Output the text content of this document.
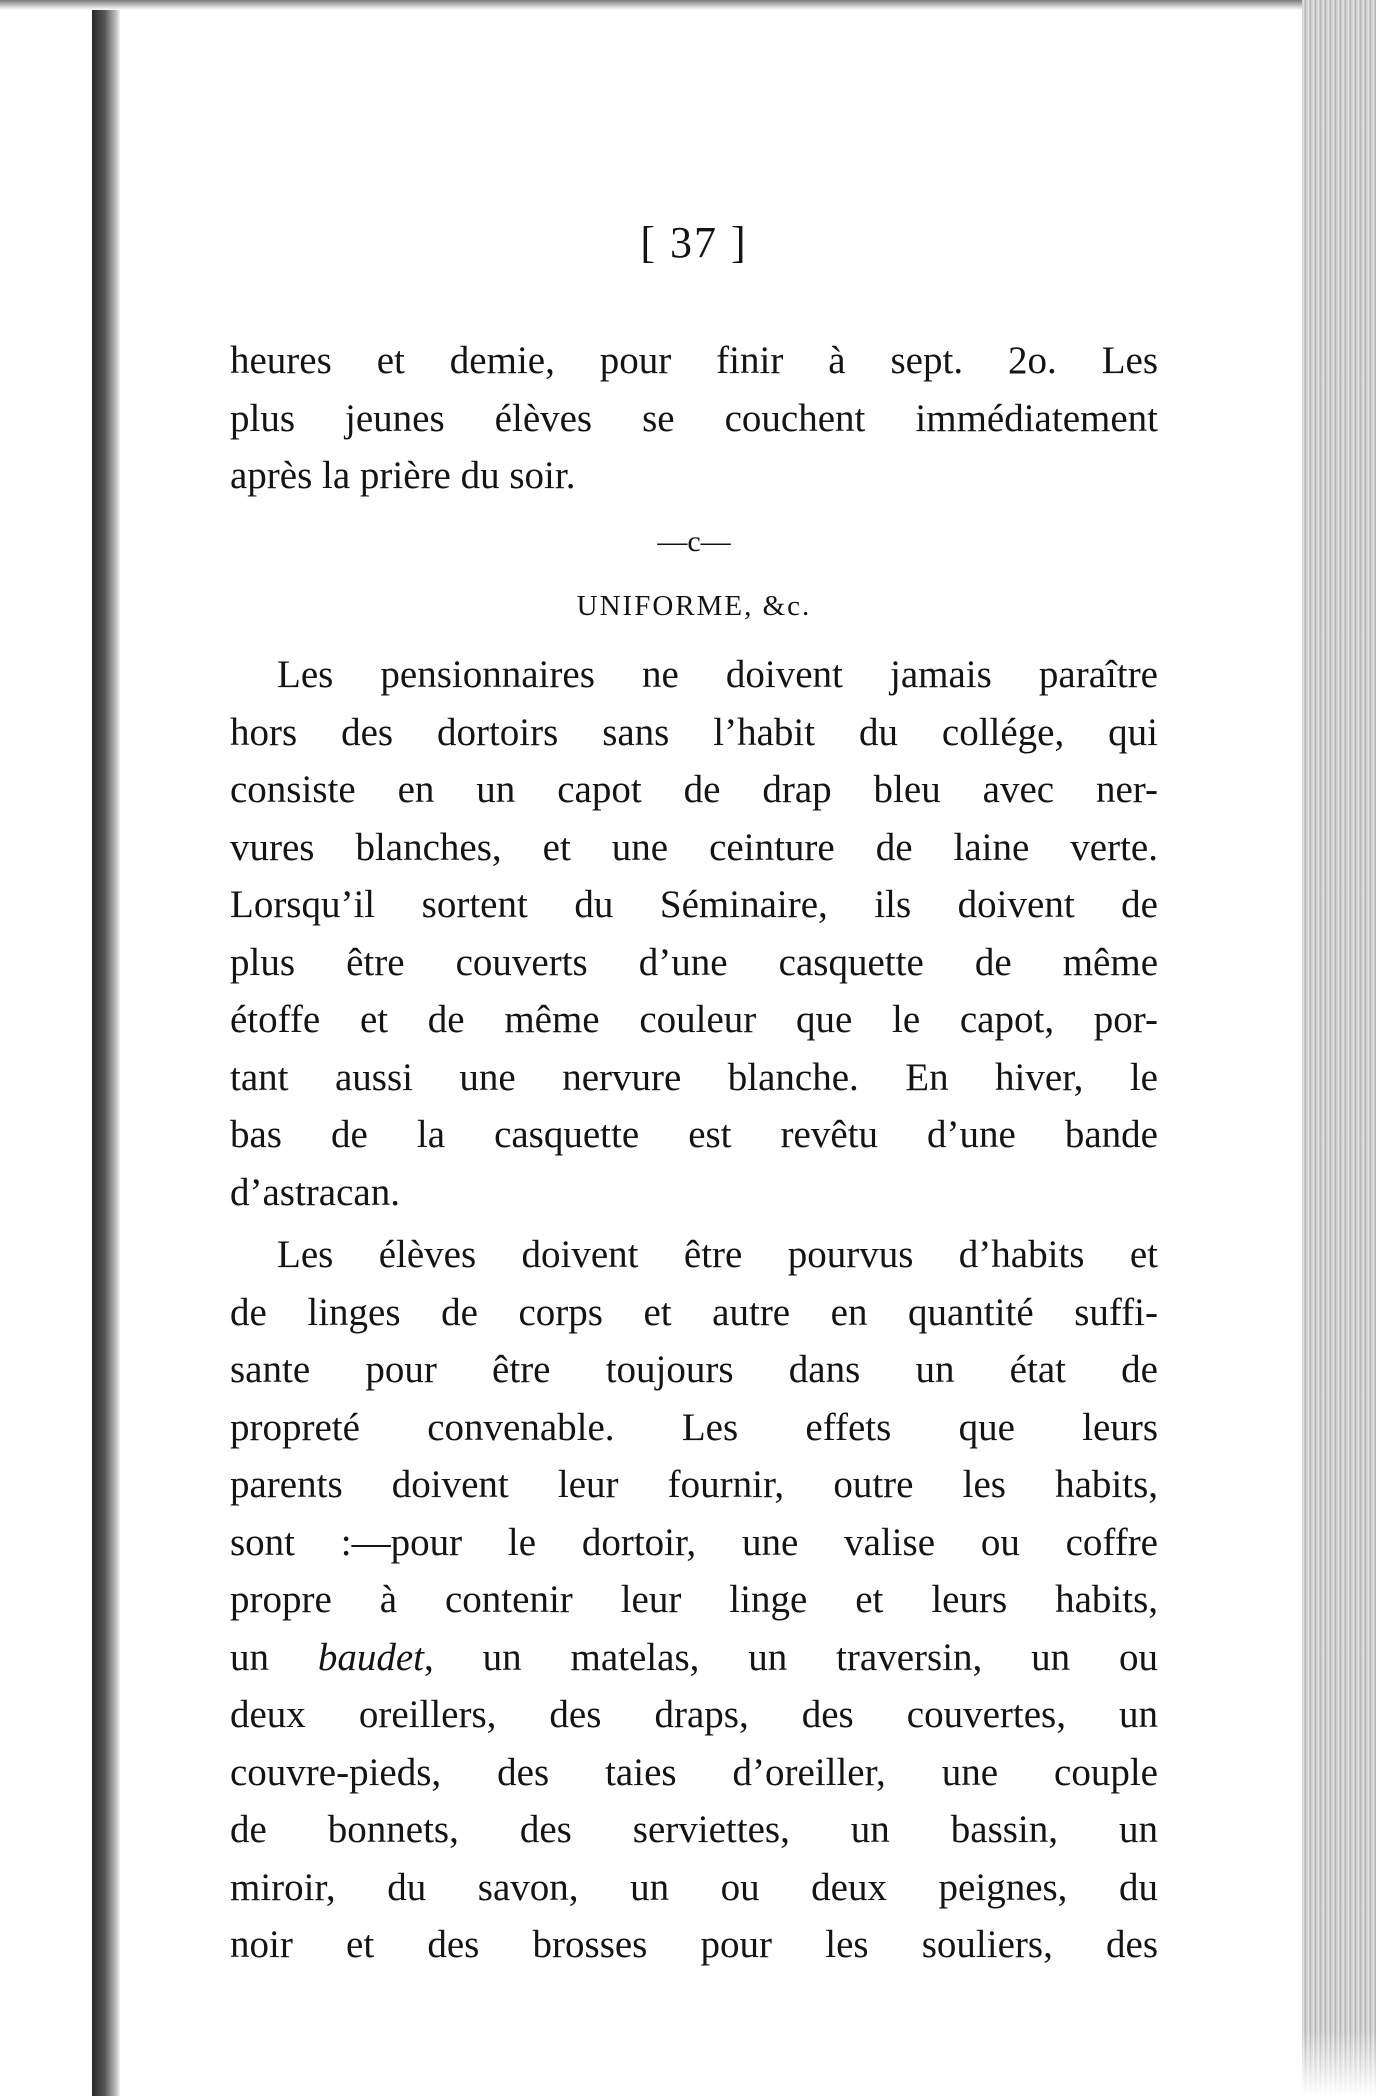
[ 37 ]
heures et demie, pour finir à sept. 2o. Les
plus jeunes élèves se couchent immédiatement
après la prière du soir.
—c—
UNIFORME, &c.
Les pensionnaires ne doivent jamais paraître
hors des dortoirs sans l’habit du collége, qui
consiste en un capot de drap bleu avec ner-
vures blanches, et une ceinture de laine verte.
Lorsqu’il sortent du Séminaire, ils doivent de
plus être couverts d’une casquette de même
étoffe et de même couleur que le capot, por-
tant aussi une nervure blanche. En hiver, le
bas de la casquette est revêtu d’une bande
d’astracan.
Les élèves doivent être pourvus d’habits et
de linges de corps et autre en quantité suffi-
sante pour être toujours dans un état de
propreté convenable. Les effets que leurs
parents doivent leur fournir, outre les habits,
sont :—pour le dortoir, une valise ou coffre
propre à contenir leur linge et leurs habits,
un baudet, un matelas, un traversin, un ou
deux oreillers, des draps, des couvertes, un
couvre-pieds, des taies d’oreiller, une couple
de bonnets, des serviettes, un bassin, un
miroir, du savon, un ou deux peignes, du
noir et des brosses pour les souliers, des
